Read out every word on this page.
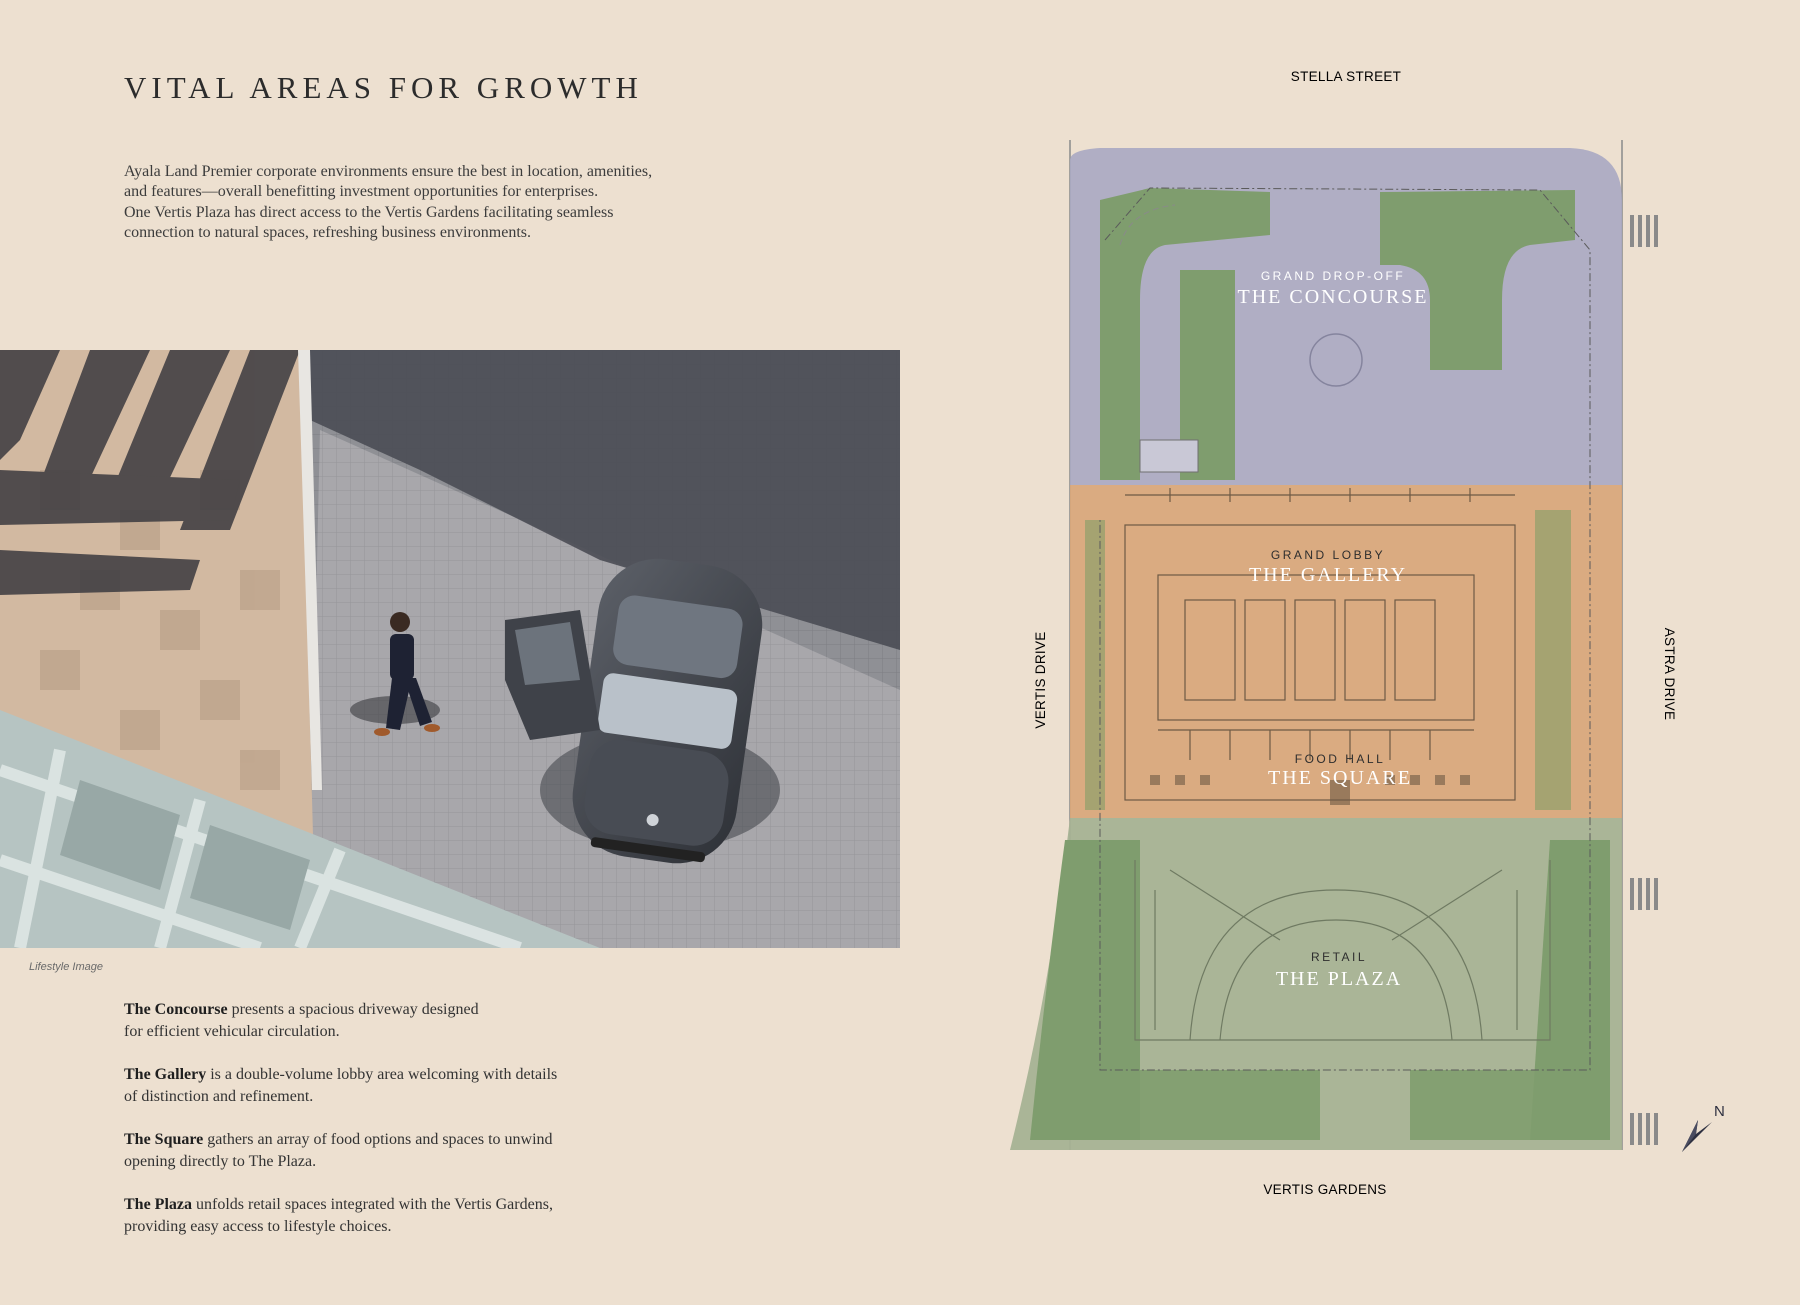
VITAL AREAS FOR GROWTH
Ayala Land Premier corporate environments ensure the best in location, amenities,
and features—overall benefitting investment opportunities for enterprises.
One Vertis Plaza has direct access to the Vertis Gardens facilitating seamless
connection to natural spaces, refreshing business environments.
Lifestyle Image
The Concourse presents a spacious driveway designed
for efficient vehicular circulation.
The Gallery is a double-volume lobby area welcoming with details
of distinction and refinement.
The Square gathers an array of food options and spaces to unwind
opening directly to The Plaza.
The Plaza unfolds retail spaces integrated with the Vertis Gardens,
providing easy access to lifestyle choices.
STELLA STREET
VERTIS GARDENS
VERTIS DRIVE	ASTRA DRIVE
GRAND DROP-OFF
THE CONCOURSE
GRAND LOBBY
THE GALLERY
FOOD HALL
THE SQUARE
RETAIL
THE PLAZA
N
